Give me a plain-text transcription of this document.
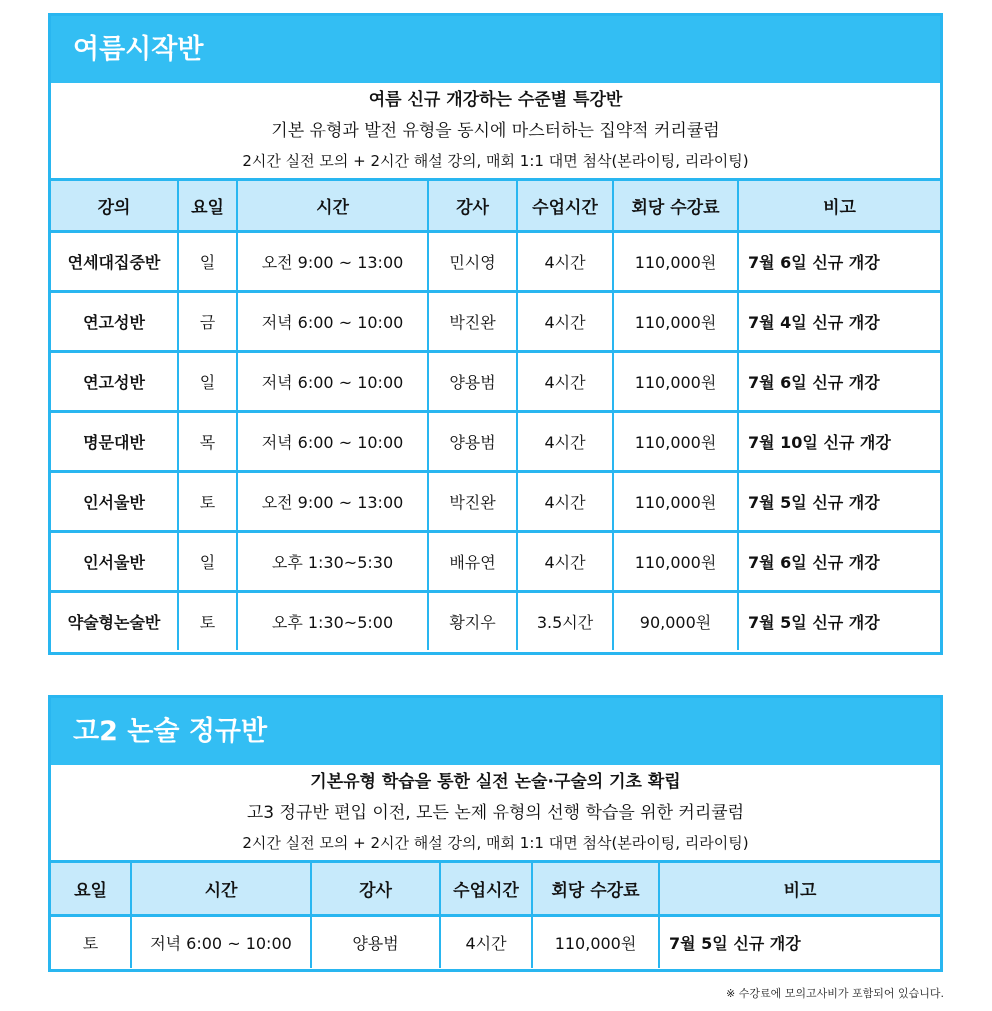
여름시작반
여름 신규 개강하는 수준별 특강반
기본 유형과 발전 유형을 동시에 마스터하는 집약적 커리큘럼
2시간 실전 모의 + 2시간 해설 강의, 매회 1:1 대면 첨삭(본라이팅, 리라이팅)
강의	요일	시간	강사	수업시간	회당 수강료	비고
연세대집중반	일	오전 9:00 ~ 13:00	민시영	4시간	110,000원	7월 6일 신규 개강
연고성반	금	저녁 6:00 ~ 10:00	박진완	4시간	110,000원	7월 4일 신규 개강
연고성반	일	저녁 6:00 ~ 10:00	양용범	4시간	110,000원	7월 6일 신규 개강
명문대반	목	저녁 6:00 ~ 10:00	양용범	4시간	110,000원	7월 10일 신규 개강
인서울반	토	오전 9:00 ~ 13:00	박진완	4시간	110,000원	7월 5일 신규 개강
인서울반	일	오후 1:30~5:30	배유연	4시간	110,000원	7월 6일 신규 개강
약술형논술반	토	오후 1:30~5:00	황지우	3.5시간	90,000원	7월 5일 신규 개강
고2 논술 정규반
기본유형 학습을 통한 실전 논술·구술의 기초 확립
고3 정규반 편입 이전, 모든 논제 유형의 선행 학습을 위한 커리큘럼
2시간 실전 모의 + 2시간 해설 강의, 매회 1:1 대면 첨삭(본라이팅, 리라이팅)
요일	시간	강사	수업시간	회당 수강료	비고
토	저녁 6:00 ~ 10:00	양용범	4시간	110,000원	7월 5일 신규 개강
※ 수강료에 모의고사비가 포함되어 있습니다.
